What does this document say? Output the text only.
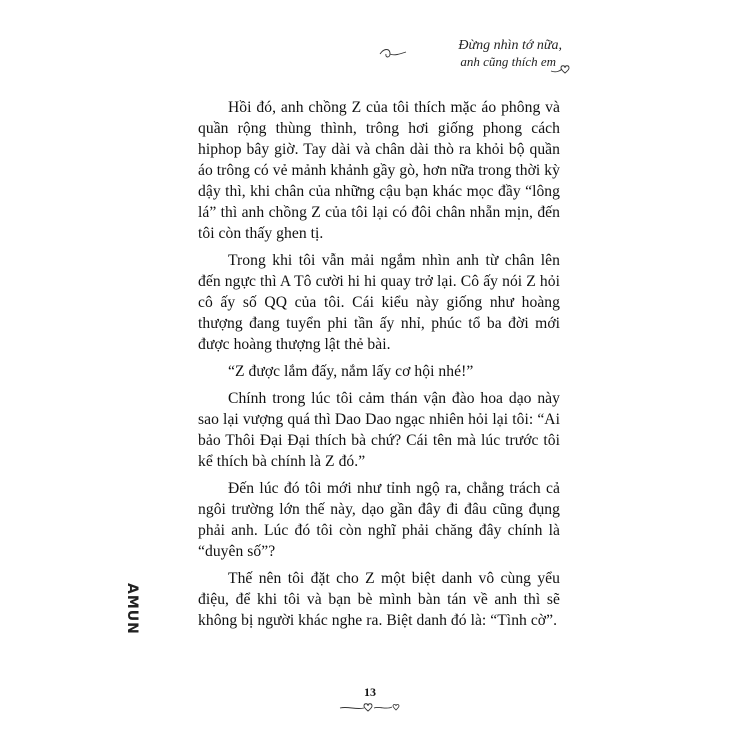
Đừng nhìn tớ nữa,
anh cũng thích em

Hồi đó, anh chồng Z của tôi thích mặc áo phông và quần rộng thùng thình, trông hơi giống phong cách hiphop bây giờ. Tay dài và chân dài thò ra khỏi bộ quần áo trông có vẻ mảnh khảnh gầy gò, hơn nữa trong thời kỳ dậy thì, khi chân của những cậu bạn khác mọc đầy “lông lá” thì anh chồng Z của tôi lại có đôi chân nhẵn mịn, đến tôi còn thấy ghen tị.

Trong khi tôi vẫn mải ngắm nhìn anh từ chân lên đến ngực thì A Tô cười hi hi quay trở lại. Cô ấy nói Z hỏi cô ấy số QQ của tôi. Cái kiểu này giống như hoàng thượng đang tuyển phi tần ấy nhỉ, phúc tổ ba đời mới được hoàng thượng lật thẻ bài.

“Z được lắm đấy, nắm lấy cơ hội nhé!”

Chính trong lúc tôi cảm thán vận đào hoa dạo này sao lại vượng quá thì Dao Dao ngạc nhiên hỏi lại tôi: “Ai bảo Thôi Đại Đại thích bà chứ? Cái tên mà lúc trước tôi kể thích bà chính là Z đó.”

Đến lúc đó tôi mới như tỉnh ngộ ra, chẳng trách cả ngôi trường lớn thế này, dạo gần đây đi đâu cũng đụng phải anh. Lúc đó tôi còn nghĩ phải chăng đây chính là “duyên số”?

Thế nên tôi đặt cho Z một biệt danh vô cùng yểu điệu, để khi tôi và bạn bè mình bàn tán về anh thì sẽ không bị người khác nghe ra. Biệt danh đó là: “Tình cờ”.

AMUN
13
